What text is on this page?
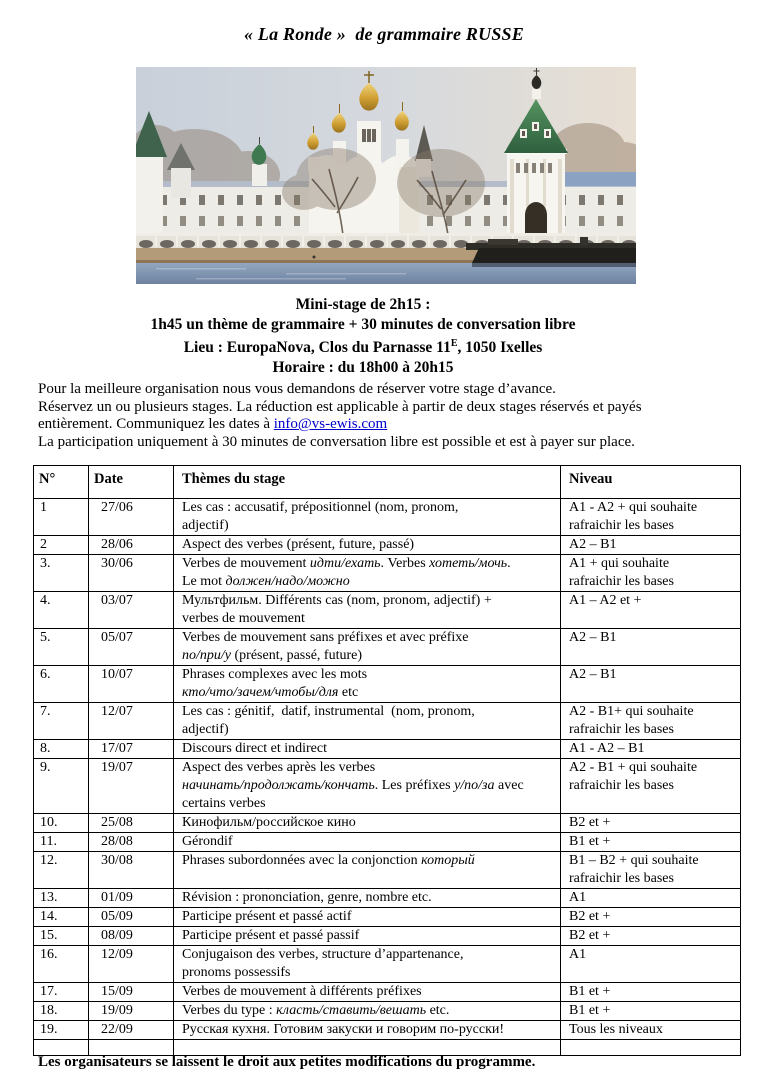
« La Ronde »  de grammaire RUSSE
Mini-stage de 2h15 :
1h45 un thème de grammaire + 30 minutes de conversation libre
Lieu : EuropaNova, Clos du Parnasse $11^E$, 1050 Ixelles
Horaire : du 18h00 à 20h15
Pour la meilleure organisation nous vous demandons de réserver votre stage d’avance.
Réservez un ou plusieurs stages. La réduction est applicable à partir de deux stages réservés et payés
entièrement. Communiquez les dates à info@vs-ewis.com
La participation uniquement à 30 minutes de conversation libre est possible et est à payer sur place.
N°	Date	Thèmes du stage	Niveau
1	27/06	Les cas : accusatif, prépositionnel (nom, pronom,
adjectif)	A1 - A2 + qui souhaite
rafraichir les bases
2	28/06	Aspect des verbes (présent, future, passé)	A2 – B1
3.	30/06	Verbes de mouvement идти/ехать. Verbes хотеть/мочь.
Le mot должен/надо/можно	A1 + qui souhaite
rafraichir les bases
4.	03/07	Мультфильм. Différents cas (nom, pronom, adjectif) +
verbes de mouvement	A1 – A2 et +
5.	05/07	Verbes de mouvement sans préfixes et avec préfixe
по/при/у (présent, passé, future)	A2 – B1
6.	10/07	Phrases complexes avec les mots
кто/что/зачем/чтобы/для etc	A2 – B1
7.	12/07	Les cas : génitif,  datif, instrumental  (nom, pronom,
adjectif)	A2 - B1+ qui souhaite
rafraichir les bases
8.	17/07	Discours direct et indirect	A1 - A2 – B1
9.	19/07	Aspect des verbes après les verbes
начинать/продолжать/кончать. Les préfixes у/по/за avec
certains verbes	A2 - B1 + qui souhaite
rafraichir les bases
10.	25/08	Кинофильм/российское кино	B2 et +
11.	28/08	Gérondif	B1 et +
12.	30/08	Phrases subordonnées avec la conjonction который	B1 – B2 + qui souhaite
rafraichir les bases
13.	01/09	Révision : prononciation, genre, nombre etc.	A1
14.	05/09	Participe présent et passé actif	B2 et +
15.	08/09	Participe présent et passé passif	B2 et +
16.	12/09	Conjugaison des verbes, structure d’appartenance,
pronoms possessifs	A1
17.	15/09	Verbes de mouvement à différents préfixes	B1 et +
18.	19/09	Verbes du type : класть/ставить/вешать etc.	B1 et +
19.	22/09	Русская кухня. Готовим закуски и говорим по-русски!	Tous les niveaux

Les organisateurs se laissent le droit aux petites modifications du programme.
